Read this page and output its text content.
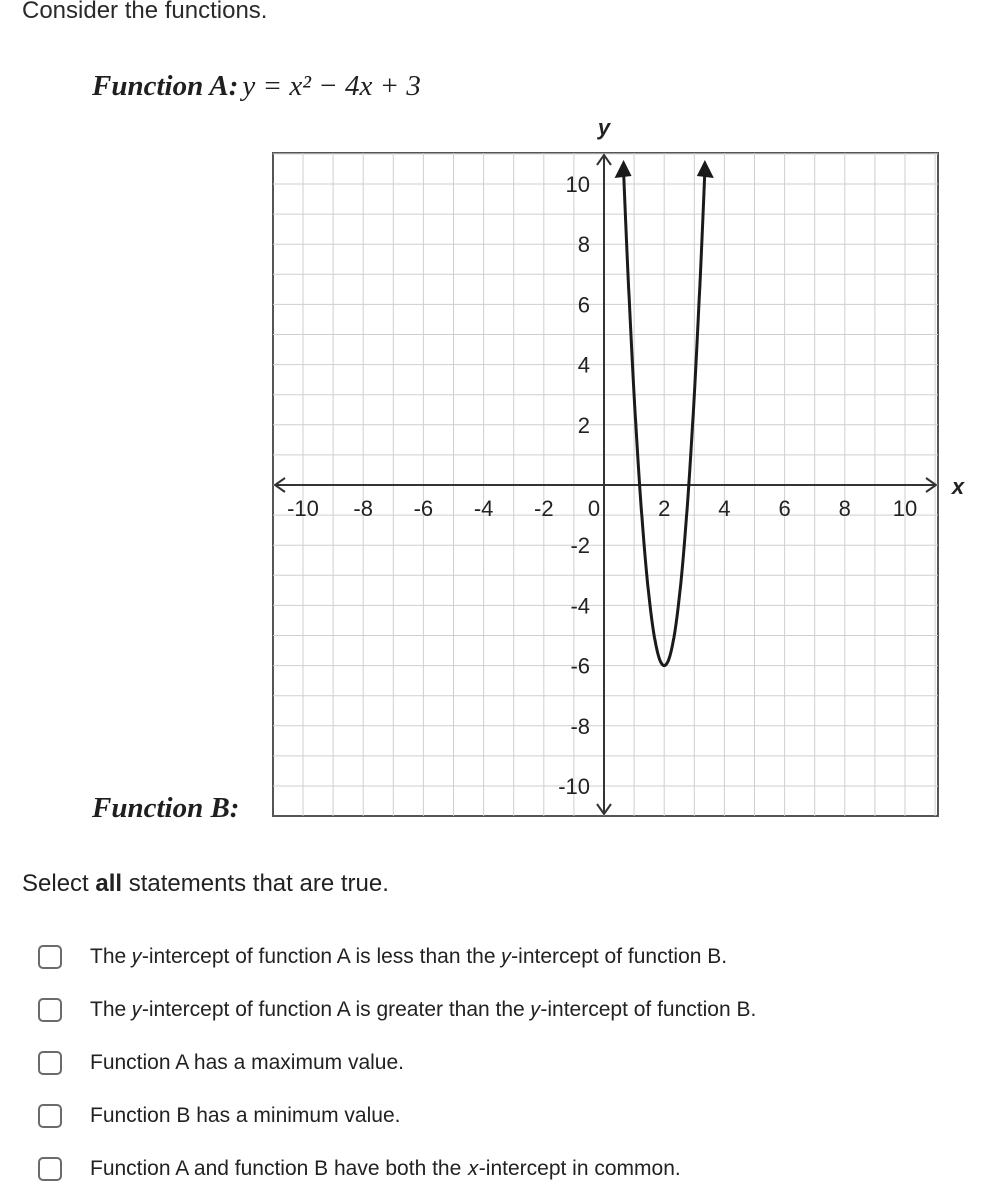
Consider the functions.
Function A: y = x² − 4x + 3
x
y
-10 -8 -6 -4 -2 0	2 4 6 8 10
10
8
6
4
2
-2
-4
-6
-8
-10
Function B:
Select all statements that are true.
The 𝑦-intercept of function A is less than the 𝑦-intercept of function B.
The 𝑦-intercept of function A is greater than the 𝑦-intercept of function B.
Function A has a maximum value.
Function B has a minimum value.
Function A and function B have both the 𝑥-intercept in common.
